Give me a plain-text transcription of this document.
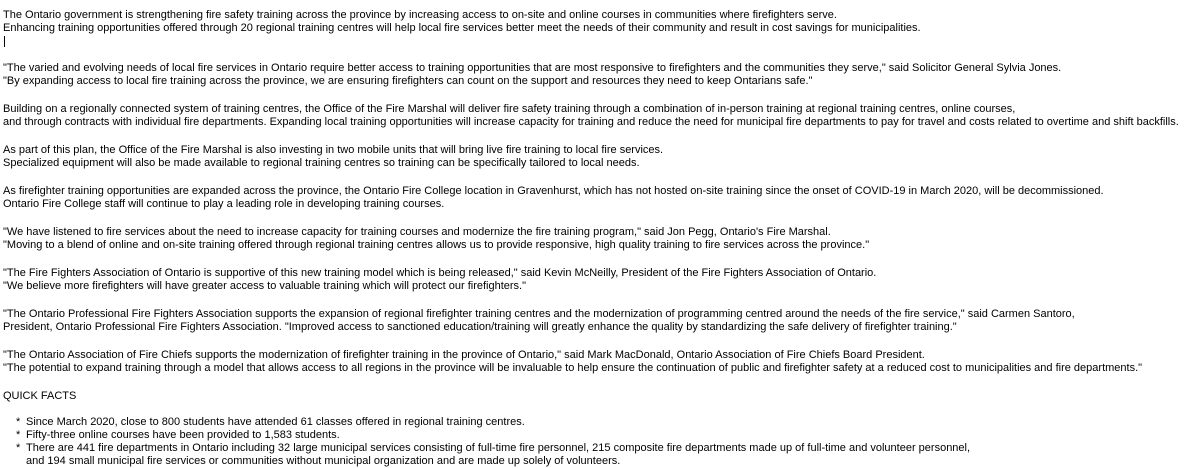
The Ontario government is strengthening fire safety training across the province by increasing access to on-site and online courses in communities where firefighters serve.
Enhancing training opportunities offered through 20 regional training centres will help local fire services better meet the needs of their community and result in cost savings for municipalities.
"The varied and evolving needs of local fire services in Ontario require better access to training opportunities that are most responsive to firefighters and the communities they serve," said Solicitor General Sylvia Jones.
"By expanding access to local fire training across the province, we are ensuring firefighters can count on the support and resources they need to keep Ontarians safe."
Building on a regionally connected system of training centres, the Office of the Fire Marshal will deliver fire safety training through a combination of in-person training at regional training centres, online courses,
and through contracts with individual fire departments. Expanding local training opportunities will increase capacity for training and reduce the need for municipal fire departments to pay for travel and costs related to overtime and shift backfills.
As part of this plan, the Office of the Fire Marshal is also investing in two mobile units that will bring live fire training to local fire services.
Specialized equipment will also be made available to regional training centres so training can be specifically tailored to local needs.
As firefighter training opportunities are expanded across the province, the Ontario Fire College location in Gravenhurst, which has not hosted on-site training since the onset of COVID-19 in March 2020, will be decommissioned.
Ontario Fire College staff will continue to play a leading role in developing training courses.
"We have listened to fire services about the need to increase capacity for training courses and modernize the fire training program," said Jon Pegg, Ontario's Fire Marshal.
"Moving to a blend of online and on-site training offered through regional training centres allows us to provide responsive, high quality training to fire services across the province."
"The Fire Fighters Association of Ontario is supportive of this new training model which is being released," said Kevin McNeilly, President of the Fire Fighters Association of Ontario.
"We believe more firefighters will have greater access to valuable training which will protect our firefighters."
"The Ontario Professional Fire Fighters Association supports the expansion of regional firefighter training centres and the modernization of programming centred around the needs of the fire service," said Carmen Santoro,
President, Ontario Professional Fire Fighters Association. "Improved access to sanctioned education/training will greatly enhance the quality by standardizing the safe delivery of firefighter training."
"The Ontario Association of Fire Chiefs supports the modernization of firefighter training in the province of Ontario," said Mark MacDonald, Ontario Association of Fire Chiefs Board President.
"The potential to expand training through a model that allows access to all regions in the province will be invaluable to help ensure the continuation of public and firefighter safety at a reduced cost to municipalities and fire departments."
QUICK FACTS
* Since March 2020, close to 800 students have attended 61 classes offered in regional training centres.
* Fifty-three online courses have been provided to 1,583 students.
* There are 441 fire departments in Ontario including 32 large municipal services consisting of full-time fire personnel, 215 composite fire departments made up of full-time and volunteer personnel,
and 194 small municipal fire services or communities without municipal organization and are made up solely of volunteers.
